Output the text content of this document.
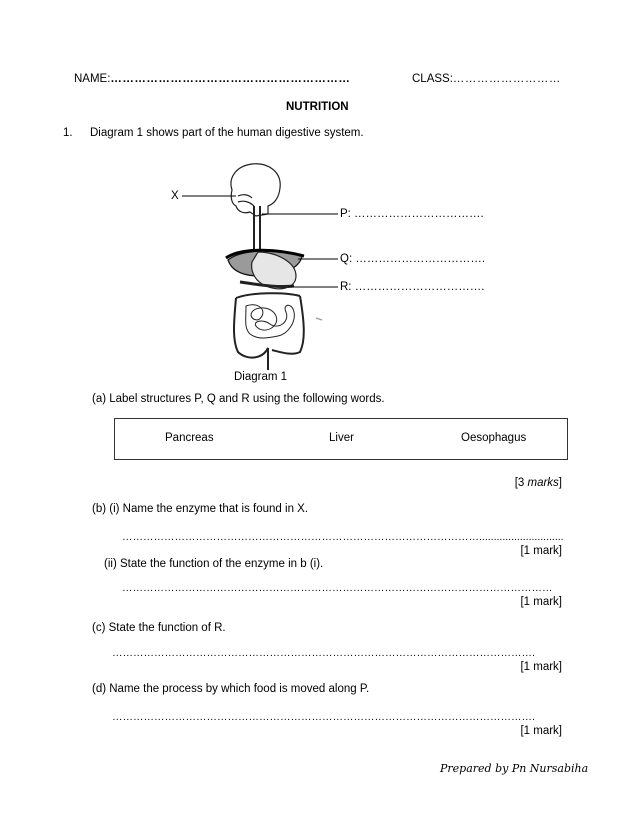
NAME:……………………………………………………	CLASS:………………………
NUTRITION
1. Diagram 1 shows part of the human digestive system.
X
P: …………………………….
Q: …………………………….
R: …………………………….
Diagram 1
(a) Label structures P, Q and R using the following words.
Pancreas	Liver	Oesophagus
[3 marks]
(b) (i) Name the enzyme that is found in X.
………………………………………………………………………………………….............................
[1 mark]
(ii) State the function of the enzyme in b (i).
……………………………………………………………………………………………………………
[1 mark]
(c) State the function of R.
………………………………………………………………………………………………………….
[1 mark]
(d) Name the process by which food is moved along P.
………………………………………………………………………………………………………….
[1 mark]
Prepared by Pn Nursabiha
